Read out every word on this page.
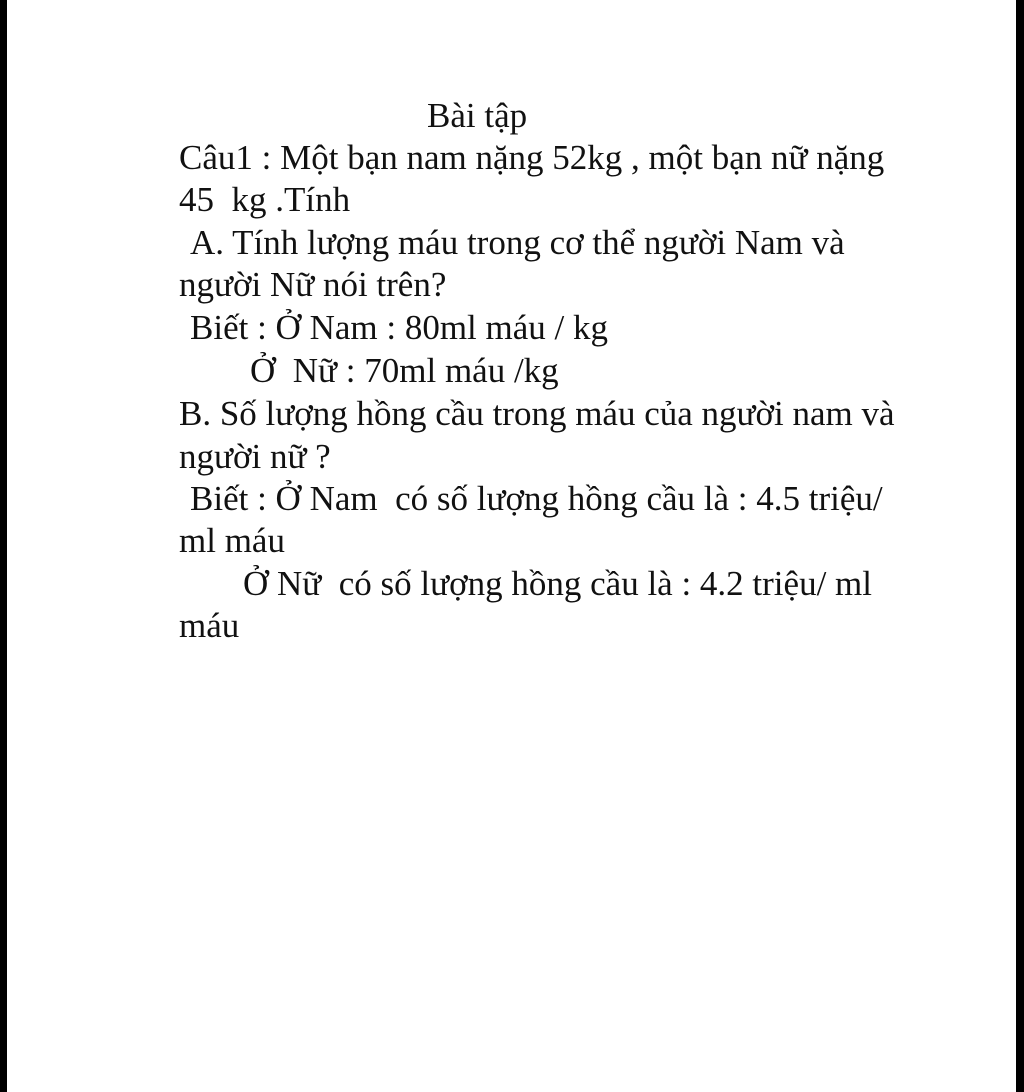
Bài tập

Câu1 : Một bạn nam nặng 52kg , một bạn nữ nặng

45  kg .Tính

A. Tính lượng máu trong cơ thể người Nam và

người Nữ nói trên?

Biết : Ở Nam : 80ml máu / kg

Ở  Nữ : 70ml máu /kg

B. Số lượng hồng cầu trong máu của người nam và

người nữ ?

Biết : Ở Nam  có số lượng hồng cầu là : 4.5 triệu/

ml máu

Ở Nữ  có số lượng hồng cầu là : 4.2 triệu/ ml

máu
